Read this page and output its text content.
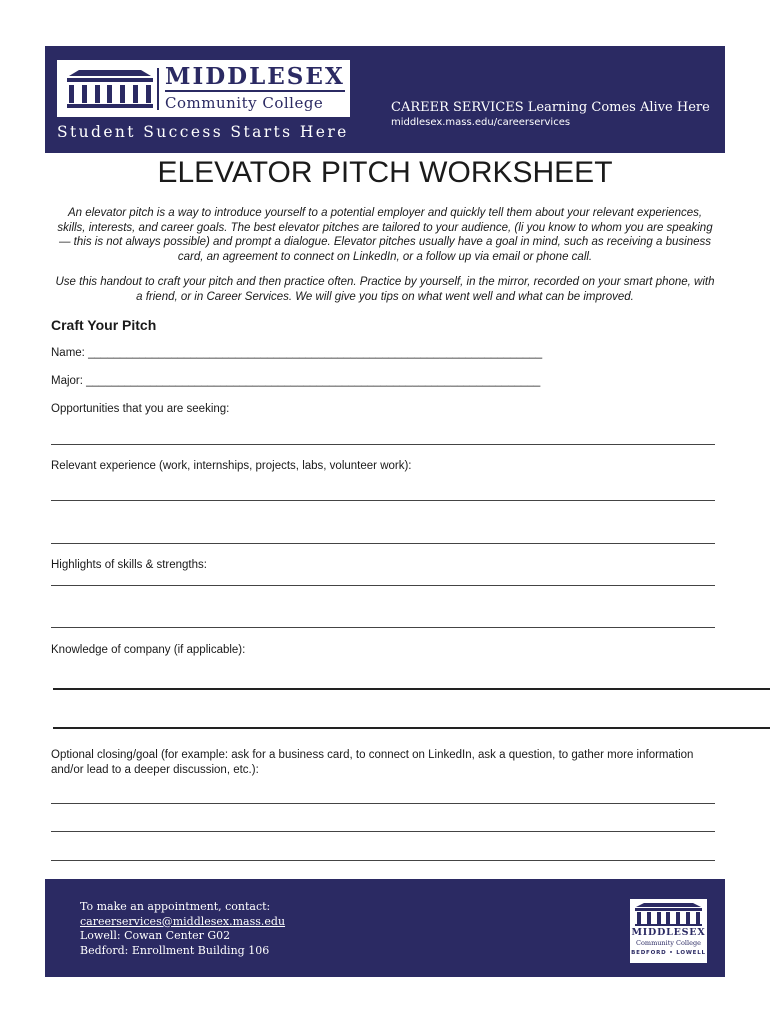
MIDDLESEX
Community College
Student Success Starts Here
CAREER SERVICES Learning Comes Alive Here
middlesex.mass.edu/careerservices
ELEVATOR PITCH WORKSHEET
An elevator pitch is a way to introduce yourself to a potential employer and quickly tell them about your relevant experiences, skills, interests, and career goals. The best elevator pitches are tailored to your audience, (li you know to whom you are speaking — this is not always possible) and prompt a dialogue. Elevator pitches usually have a goal in mind, such as receiving a business card, an agreement to connect on LinkedIn, or a follow up via email or phone call.
Use this handout to craft your pitch and then practice often. Practice by yourself, in the mirror, recorded on your smart phone, with a friend, or in Career Services. We will give you tips on what went well and what can be improved.
Craft Your Pitch
Name: _______________________________________________________________________
Major: _______________________________________________________________________
Opportunities that you are seeking:
Relevant experience (work, internships, projects, labs, volunteer work):
Highlights of skills & strengths:
Knowledge of company (if applicable):
Optional closing/goal (for example: ask for a business card, to connect on LinkedIn, ask a question, to gather more information and/or lead to a deeper discussion, etc.):
To make an appointment, contact:
careerservices@middlesex.mass.edu
Lowell: Cowan Center G02
Bedford: Enrollment Building 106
MIDDLESEX
Community College
BEDFORD • LOWELL
